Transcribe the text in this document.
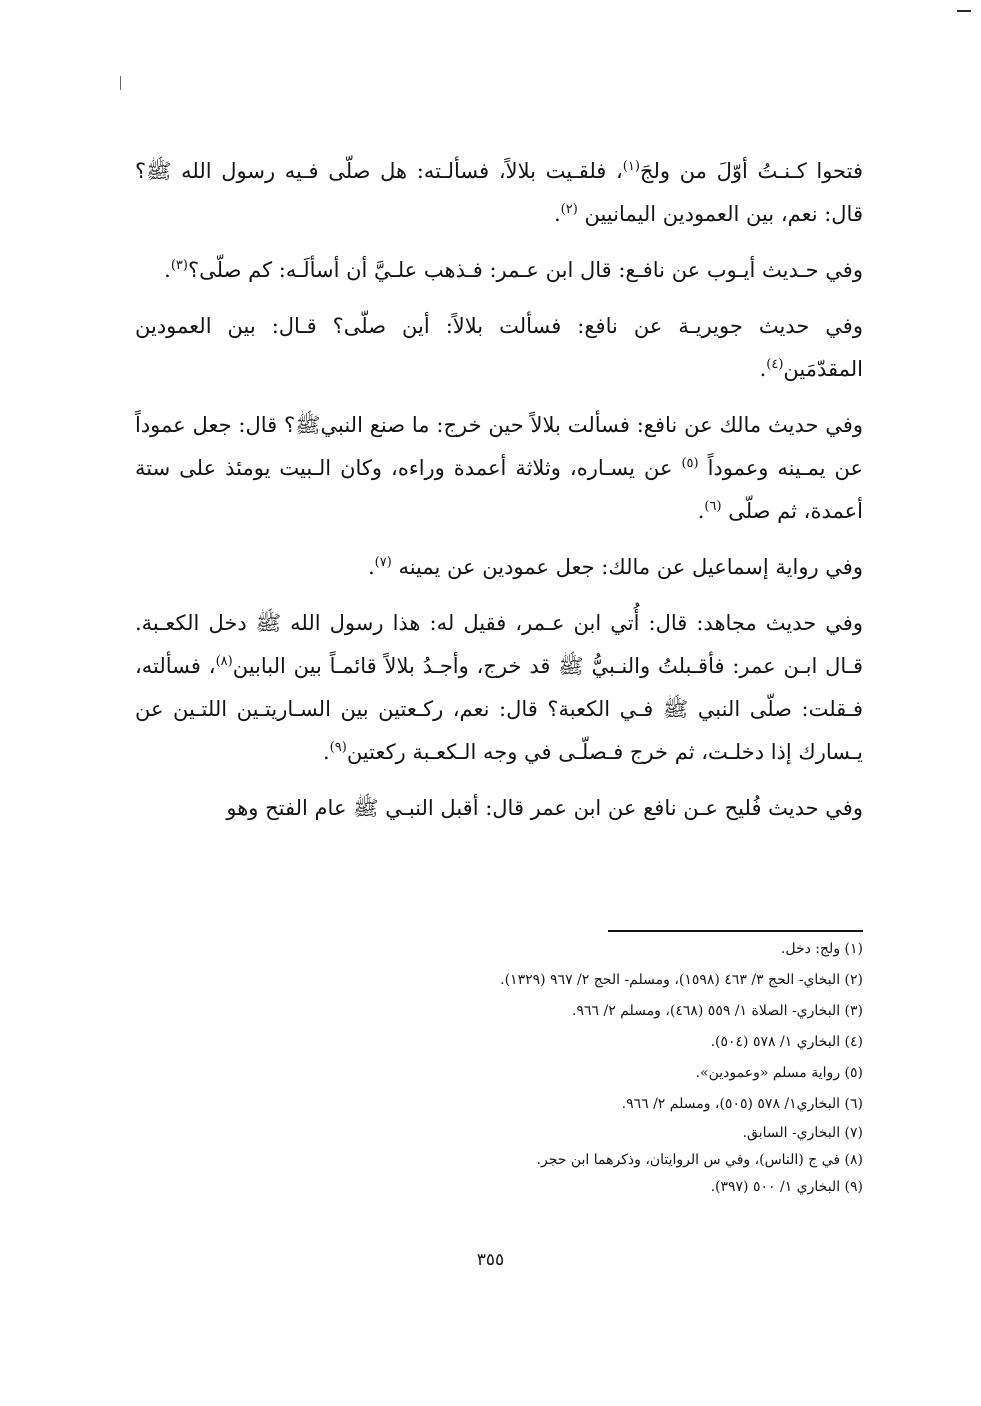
فتحوا كـنـتُ أوّلَ من ولجَ$^{(١)}$، فلقـيت بلالاً، فسألـته: هل صلّى فـيه رسول الله ﷺ؟ قال: نعم، بين العمودين اليمانيين $^{(٢)}$.

وفي حـديث أيـوب عن نافـع: قال ابن عـمر: فـذهب علـيَّ أن أسألَـه: كم صلّى؟$^{(٣)}$.

وفي حديث جويريـة عن نافع: فسألت بلالاً: أين صلّى؟ قـال: بين العمودين المقدّمَين$^{(٤)}$.

وفي حديث مالك عن نافع: فسألت بلالاً حين خرج: ما صنع النبيﷺ؟ قال: جعل عموداً عن يمـينه وعموداً $^{(٥)}$ عن يسـاره، وثلاثة أعمدة وراءه، وكان الـبيت يومئذ على ستة أعمدة، ثم صلّى $^{(٦)}$.

وفي رواية إسماعيل عن مالك: جعل عمودين عن يمينه $^{(٧)}$.

وفي حديث مجاهد: قال: أُتي ابن عـمر، فقيل له: هذا رسول الله ﷺ دخل الكعـبة. قـال ابـن عمر: فأقـبلتُ والنـبيُّ ﷺ قد خرج، وأجـدُ بلالاً قائمـاً بين البابين$^{(٨)}$، فسألته، فـقلت: صلّى النبي ﷺ فـي الكعبة؟ قال: نعم، ركـعتين بين السـاريتـين اللتـين عن يـسارك إذا دخلـت، ثم خرج فـصلّـى في وجه الـكعـبة ركعتين$^{(٩)}$.

وفي حديث فُليح عـن نافع عن ابن عمر قال: أقبل النبـي ﷺ عام الفتح وهو

(١) ولج: دخل.
(٢) البخاي- الحج ٣/ ٤٦٣ (١٥٩٨)، ومسلم- الحج ٢/ ٩٦٧ (١٣٢٩).
(٣) البخاري- الصلاة ١/ ٥٥٩ (٤٦٨)، ومسلم ٢/ ٩٦٦.
(٤) البخاري ١/ ٥٧٨ (٥٠٤).
(٥) رواية مسلم «وعمودين».
(٦) البخاري١/ ٥٧٨ (٥٠٥)، ومسلم ٢/ ٩٦٦.
(٧) البخاري- السابق.
(٨) في ج (الناس)، وفي س الروايتان، وذكرهما ابن حجر.
(٩) البخاري ١/ ٥٠٠ (٣٩٧).
٣٥٥
